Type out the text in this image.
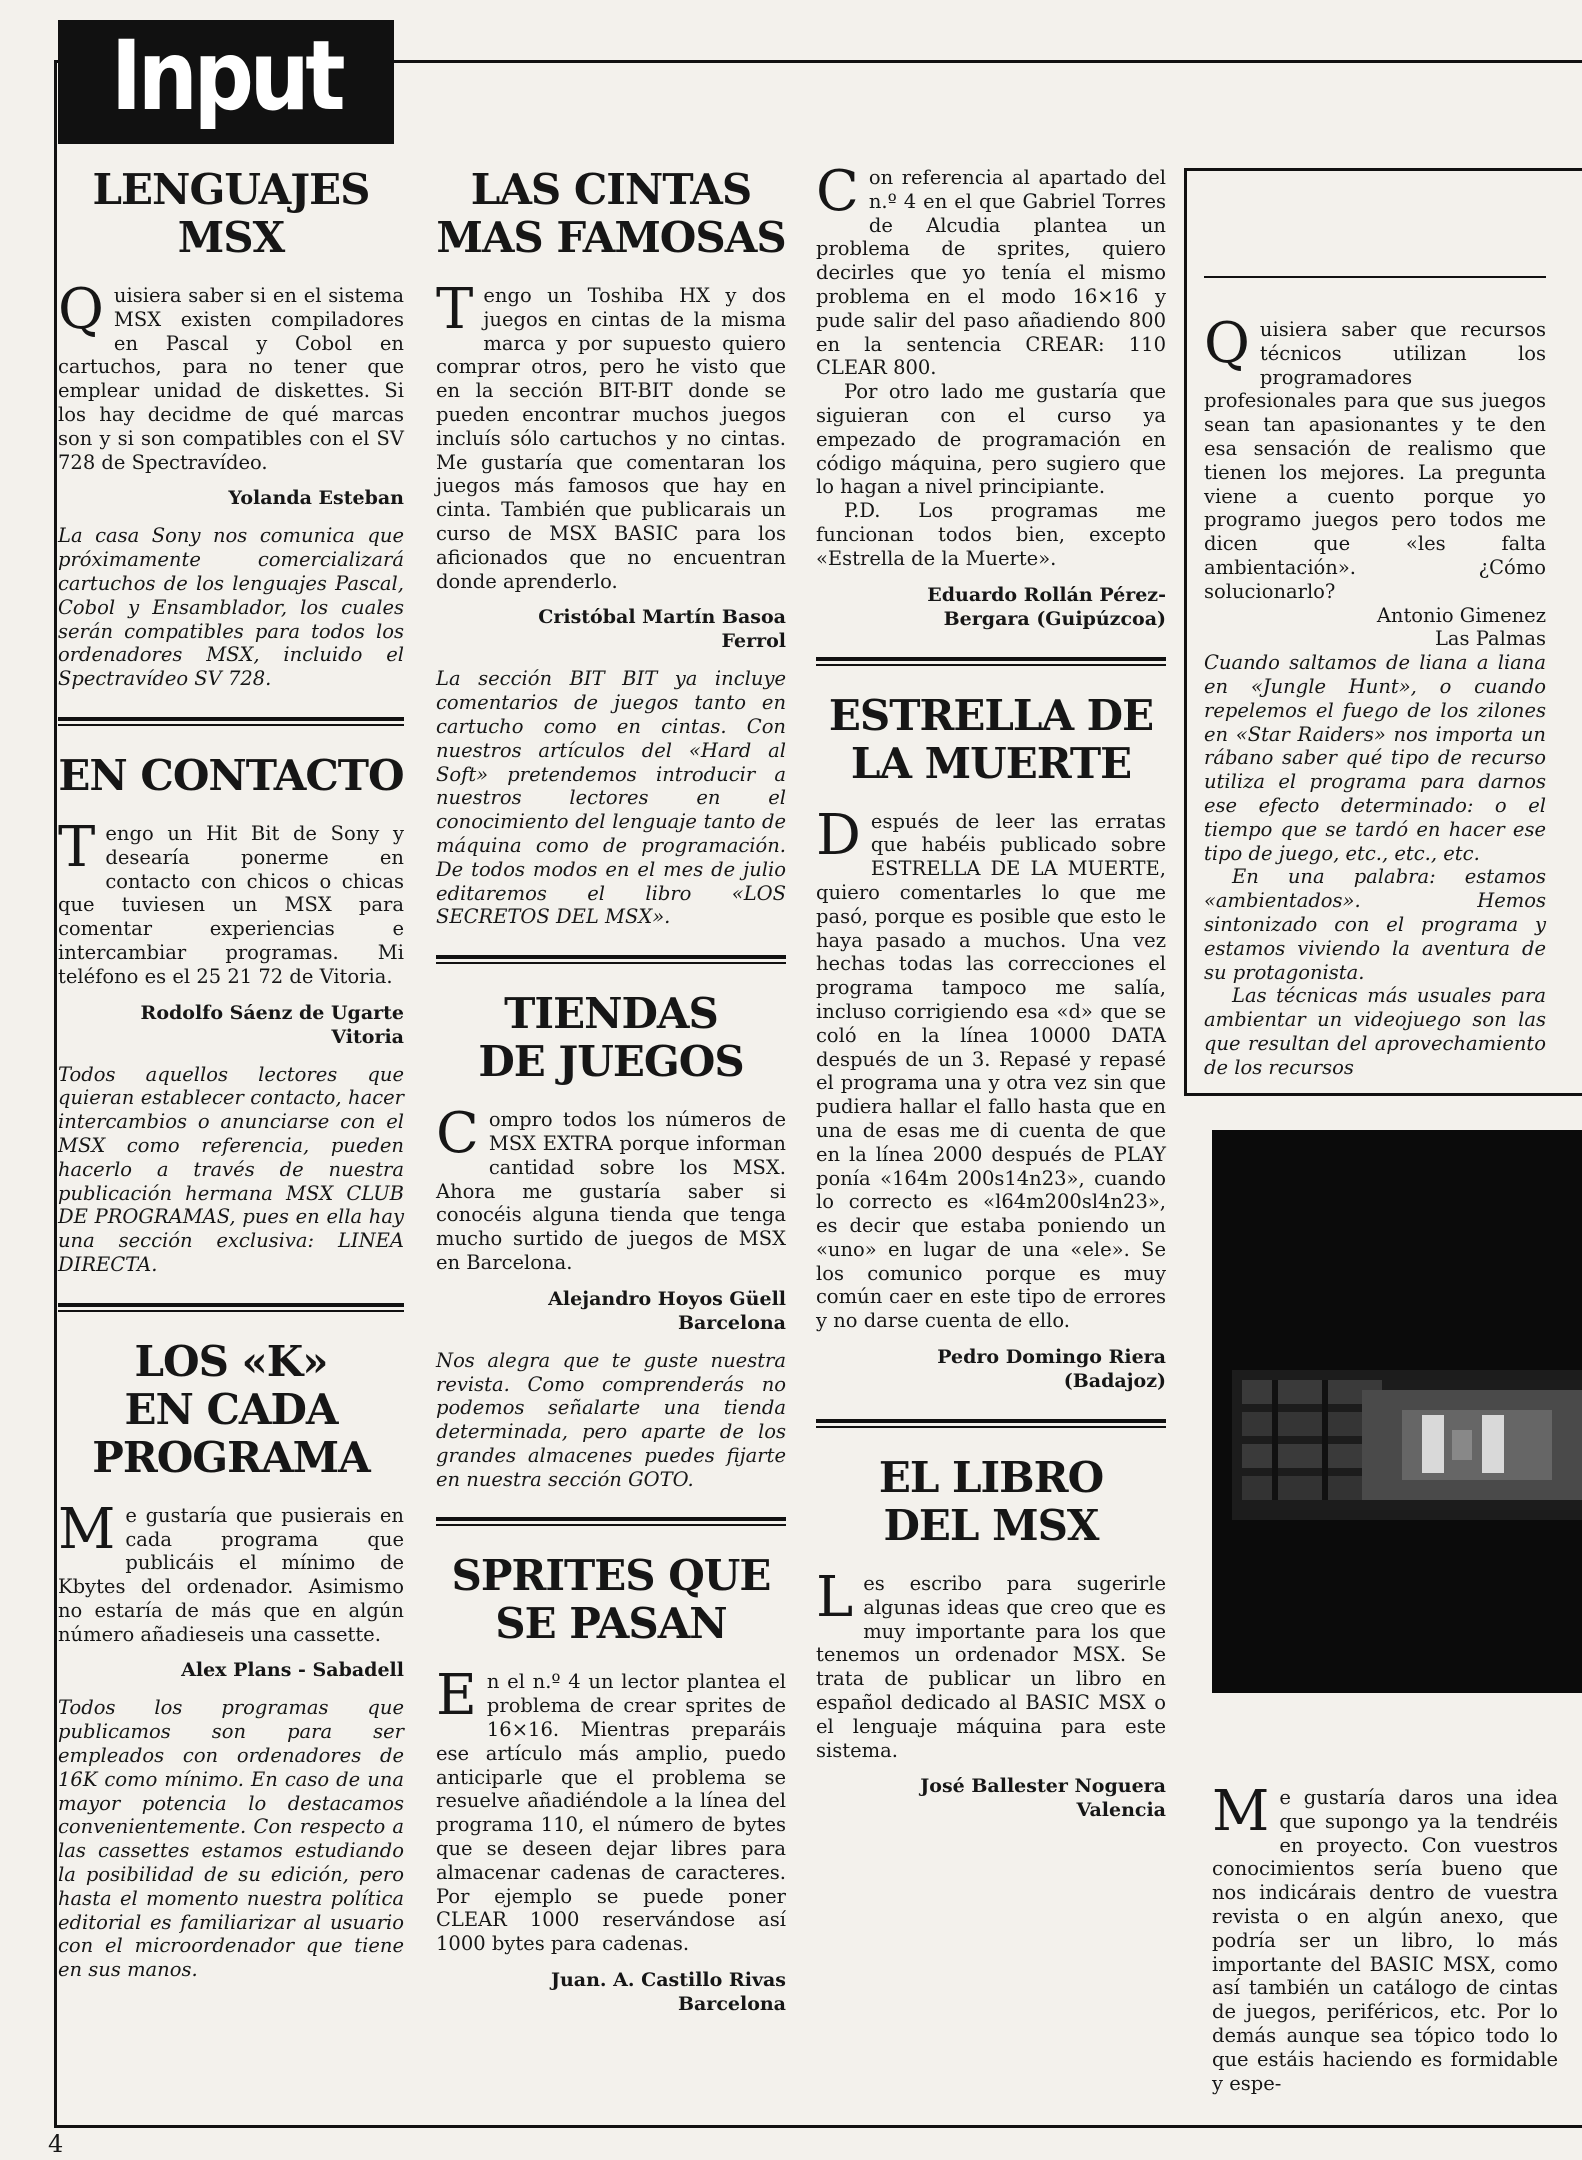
Input
LENGUAJES
MSX

Quisiera saber si en el sistema MSX existen compiladores en Pascal y Cobol en cartuchos, para no tener que emplear unidad de diskettes. Si los hay decidme de qué marcas son y si son compatibles con el SV 728 de Spectravídeo.

Yolanda Esteban

La casa Sony nos comunica que próximamente comercializará cartuchos de los lenguajes Pascal, Cobol y Ensamblador, los cuales serán compatibles para todos los ordenadores MSX, incluido el Spectravídeo SV 728.

EN CONTACTO

Tengo un Hit Bit de Sony y desearía ponerme en contacto con chicos o chicas que tuviesen un MSX para comentar experiencias e intercambiar programas. Mi teléfono es el 25 21 72 de Vitoria.

Rodolfo Sáenz de Ugarte
Vitoria

Todos aquellos lectores que quieran establecer contacto, hacer intercambios o anunciarse con el MSX como referencia, pueden hacerlo a través de nuestra publicación hermana MSX CLUB DE PROGRAMAS, pues en ella hay una sección exclusiva: LINEA DIRECTA.

LOS «K»
EN CADA
PROGRAMA

Me gustaría que pusierais en cada programa que publicáis el mínimo de Kbytes del ordenador. Asimismo no estaría de más que en algún número añadieseis una cassette.

Alex Plans - Sabadell

Todos los programas que publicamos son para ser empleados con ordenadores de 16K como mínimo. En caso de una mayor potencia lo destacamos convenientemente. Con respecto a las cassettes estamos estudiando la posibilidad de su edición, pero hasta el momento nuestra política editorial es familiarizar al usuario con el microordenador que tiene en sus manos.

LAS CINTAS
MAS FAMOSAS

Tengo un Toshiba HX y dos juegos en cintas de la misma marca y por supuesto quiero comprar otros, pero he visto que en la sección BIT-BIT donde se pueden encontrar muchos juegos incluís sólo cartuchos y no cintas. Me gustaría que comentaran los juegos más famosos que hay en cinta. También que publicarais un curso de MSX BASIC para los aficionados que no encuentran donde aprenderlo.

Cristóbal Martín Basoa
Ferrol

La sección BIT BIT ya incluye comentarios de juegos tanto en cartucho como en cintas. Con nuestros artículos del «Hard al Soft» pretendemos introducir a nuestros lectores en el conocimiento del lenguaje tanto de máquina como de programación. De todos modos en el mes de julio editaremos el libro «LOS SECRETOS DEL MSX».

TIENDAS
DE JUEGOS

Compro todos los números de MSX EXTRA porque informan cantidad sobre los MSX. Ahora me gustaría saber si conocéis alguna tienda que tenga mucho surtido de juegos de MSX en Barcelona.

Alejandro Hoyos Güell
Barcelona

Nos alegra que te guste nuestra revista. Como comprenderás no podemos señalarte una tienda determinada, pero aparte de los grandes almacenes puedes fijarte en nuestra sección GOTO.

SPRITES QUE
SE PASAN

En el n.º 4 un lector plantea el problema de crear sprites de 16×16. Mientras preparáis ese artículo más amplio, puedo anticiparle que el problema se resuelve añadiéndole a la línea del programa 110, el número de bytes que se deseen dejar libres para almacenar cadenas de caracteres. Por ejemplo se puede poner CLEAR 1000 reservándose así 1000 bytes para cadenas.

Juan. A. Castillo Rivas
Barcelona

Con referencia al apartado del n.º 4 en el que Gabriel Torres de Alcudia plantea un problema de sprites, quiero decirles que yo tenía el mismo problema en el modo 16×16 y pude salir del paso añadiendo 800 en la sentencia CREAR: 110 CLEAR 800.

Por otro lado me gustaría que siguieran con el curso ya empezado de programación en código máquina, pero sugiero que lo hagan a nivel principiante.

P.D. Los programas me funcionan todos bien, excepto «Estrella de la Muerte».

Eduardo Rollán Pérez-
Bergara (Guipúzcoa)
ESTRELLA DE
LA MUERTE

Después de leer las erratas que habéis publicado sobre ESTRELLA DE LA MUERTE, quiero comentarles lo que me pasó, porque es posible que esto le haya pasado a muchos. Una vez hechas todas las correcciones el programa tampoco me salía, incluso corrigiendo esa «d» que se coló en la línea 10000 DATA después de un 3. Repasé y repasé el programa una y otra vez sin que pudiera hallar el fallo hasta que en una de esas me di cuenta de que en la línea 2000 después de PLAY ponía «164m 200s14n23», cuando lo correcto es «l64m200sl4n23», es decir que estaba poniendo un «uno» en lugar de una «ele». Se los comunico porque es muy común caer en este tipo de errores y no darse cuenta de ello.

Pedro Domingo Riera
(Badajoz)
EL LIBRO
DEL MSX

Les escribo para sugerirle algunas ideas que creo que es muy importante para los que tenemos un ordenador MSX. Se trata de publicar un libro en español dedicado al BASIC MSX o el lenguaje máquina para este sistema.

José Ballester Noguera
Valencia

Quisiera saber que recursos técnicos utilizan los programadores profesionales para que sus juegos sean tan apasionantes y te den esa sensación de realismo que tienen los mejores. La pregunta viene a cuento porque yo programo juegos pero todos me dicen que «les falta ambientación». ¿Cómo solucionarlo?

Antonio Gimenez
Las Palmas

Cuando saltamos de liana a liana en «Jungle Hunt», o cuando repelemos el fuego de los zilones en «Star Raiders» nos importa un rábano saber qué tipo de recurso utiliza el programa para darnos ese efecto determinado: o el tiempo que se tardó en hacer ese tipo de juego, etc., etc., etc.

En una palabra: estamos «ambientados». Hemos sintonizado con el programa y estamos viviendo la aventura de su protagonista.

Las técnicas más usuales para ambientar un videojuego son las que resultan del aprovechamiento de los recursos

Me gustaría daros una idea que supongo ya la tendréis en proyecto. Con vuestros conocimientos sería bueno que nos indicárais dentro de vuestra revista o en algún anexo, que podría ser un libro, lo más importante del BASIC MSX, como así también un catálogo de cintas de juegos, periféricos, etc. Por lo demás aunque sea tópico todo lo que estáis haciendo es formidable y espe-

4
